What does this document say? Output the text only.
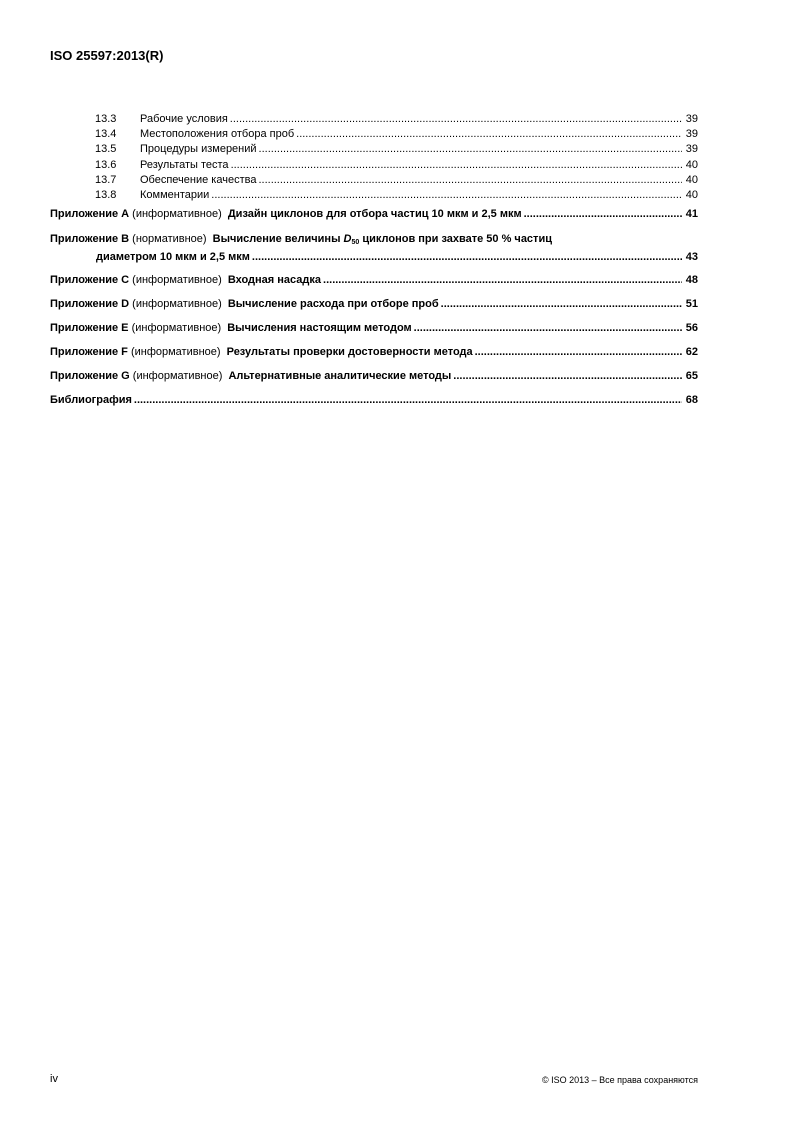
ISO 25597:2013(R)
13.3	Рабочие условия .....	39
13.4	Местоположения отбора проб .....	39
13.5	Процедуры измерений .....	39
13.6	Результаты теста .....	40
13.7	Обеспечение качества .....	40
13.8	Комментарии .....	40
Приложение A (информативное) Дизайн циклонов для отбора частиц 10 мкм и 2,5 мкм .....	41
Приложение B (нормативное) Вычисление величины $D_{50}$ циклонов при захвате 50 % частиц
диаметром 10 мкм и 2,5 мкм .....	43
Приложение C (информативное) Входная насадка .....	48
Приложение D (информативное) Вычисление расхода при отборе проб .....	51
Приложение E (информативное) Вычисления настоящим методом .....	56
Приложение F (информативное) Результаты проверки достоверности метода .....	62
Приложение G (информативное) Альтернативные аналитические методы .....	65
Библиография .....	68
iv	© ISO 2013 – Все права сохраняются
